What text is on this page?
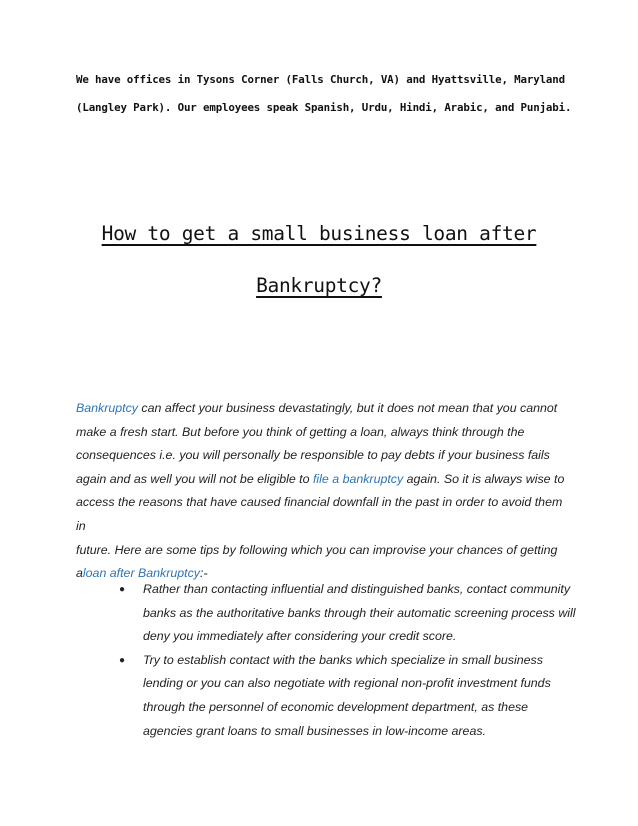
We have offices in Tysons Corner (Falls Church, VA) and Hyattsville, Maryland
(Langley Park). Our employees speak Spanish, Urdu, Hindi, Arabic, and Punjabi.
How to get a small business loan after
Bankruptcy?
Bankruptcy can affect your business devastatingly, but it does not mean that you cannot
make a fresh start. But before you think of getting a loan, always think through the
consequences i.e. you will personally be responsible to pay debts if your business fails
again and as well you will not be eligible to file a bankruptcy again. So it is always wise to
access the reasons that have caused financial downfall in the past in order to avoid them in
future. Here are some tips by following which you can improvise your chances of getting
aloan after Bankruptcy:-
● Rather than contacting influential and distinguished banks, contact community
banks as the authoritative banks through their automatic screening process will
deny you immediately after considering your credit score.
● Try to establish contact with the banks which specialize in small business
lending or you can also negotiate with regional non-profit investment funds
through the personnel of economic development department, as these
agencies grant loans to small businesses in low-income areas.
